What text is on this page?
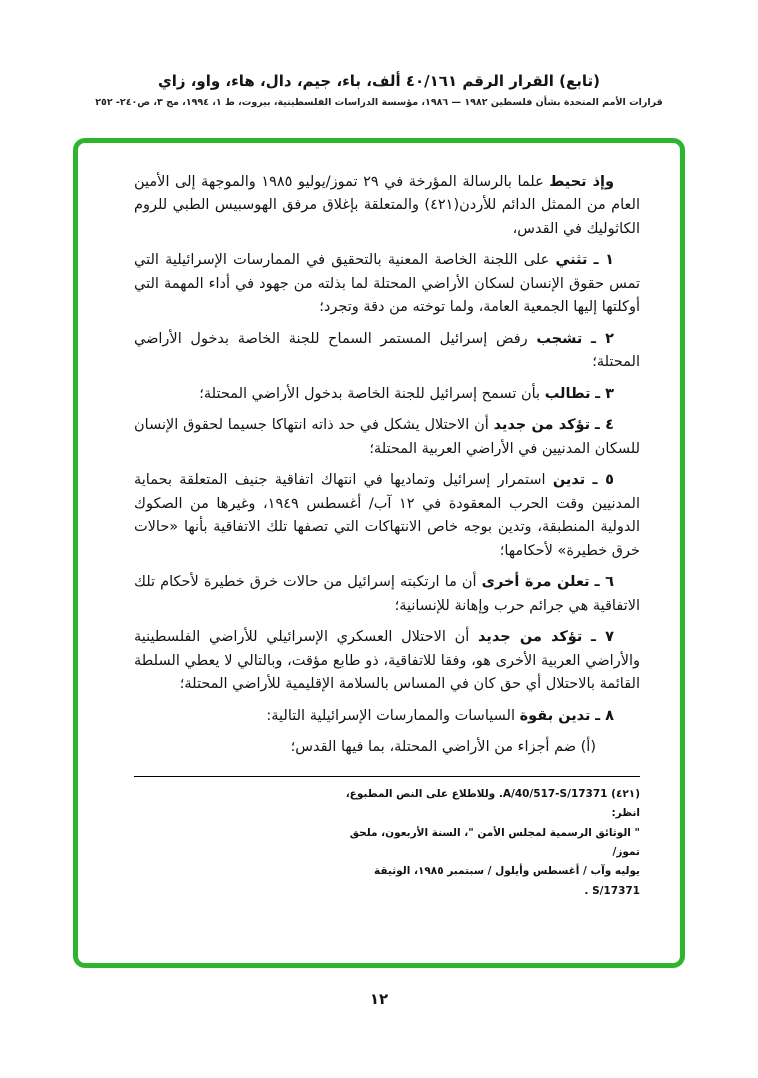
(تابع) القرار الرقم ٤٠/١٦١ ألف، باء، جيم، دال، هاء، واو، زاي
قرارات الأمم المتحدة بشأن فلسطين ١٩٨٢ — ١٩٨٦، مؤسسة الدراسات الفلسطينية، بيروت، ط ١، ١٩٩٤، مج ٣، ص٢٤٠- ٢٥٢

وإذ تحيط علما بالرسالة المؤرخة في ٢٩ تموز/يوليو ١٩٨٥ والموجهة إلى الأمين العام من الممثل الدائم للأردن(٤٢١) والمتعلقة بإغلاق مرفق الهوسبيس الطبي للروم الكاثوليك في القدس،

١ ـ تثني على اللجنة الخاصة المعنية بالتحقيق في الممارسات الإسرائيلية التي تمس حقوق الإنسان لسكان الأراضي المحتلة لما بذلته من جهود في أداء المهمة التي أوكلتها إليها الجمعية العامة، ولما توخته من دقة وتجرد؛

٢ ـ تشجب رفض إسرائيل المستمر السماح للجنة الخاصة بدخول الأراضي المحتلة؛

٣ ـ تطالب بأن تسمح إسرائيل للجنة الخاصة بدخول الأراضي المحتلة؛

٤ ـ تؤكد من جديد أن الاحتلال يشكل في حد ذاته انتهاكا جسيما لحقوق الإنسان للسكان المدنيين في الأراضي العربية المحتلة؛

٥ ـ تدين استمرار إسرائيل وتماديها في انتهاك اتفاقية جنيف المتعلقة بحماية المدنيين وقت الحرب المعقودة في ١٢ آب/ أغسطس ١٩٤٩، وغيرها من الصكوك الدولية المنطبقة، وتدين بوجه خاص الانتهاكات التي تصفها تلك الاتفاقية بأنها «حالات خرق خطيرة» لأحكامها؛

٦ ـ تعلن مرة أخرى أن ما ارتكبته إسرائيل من حالات خرق خطيرة لأحكام تلك الاتفاقية هي جرائم حرب وإهانة للإنسانية؛

٧ ـ تؤكد من جديد أن الاحتلال العسكري الإسرائيلي للأراضي الفلسطينية والأراضي العربية الأخرى هو، وفقا للاتفاقية، ذو طابع مؤقت، وبالتالي لا يعطي السلطة القائمة بالاحتلال أي حق كان في المساس بالسلامة الإقليمية للأراضي المحتلة؛

٨ ـ تدين بقوة السياسات والممارسات الإسرائيلية التالية:

(أ) ضم أجزاء من الأراضي المحتلة، بما فيها القدس؛

(٤٢١) A/40/517-S/17371. وللاطلاع على النص المطبوع، انظر:
" الوثائق الرسمية لمجلس الأمن "، السنة الأربعون، ملحق تموز/
يوليه وآب / أغسطس وأيلول / سبتمبر ١٩٨٥، الوثيقة
S/17371 .
١٢
